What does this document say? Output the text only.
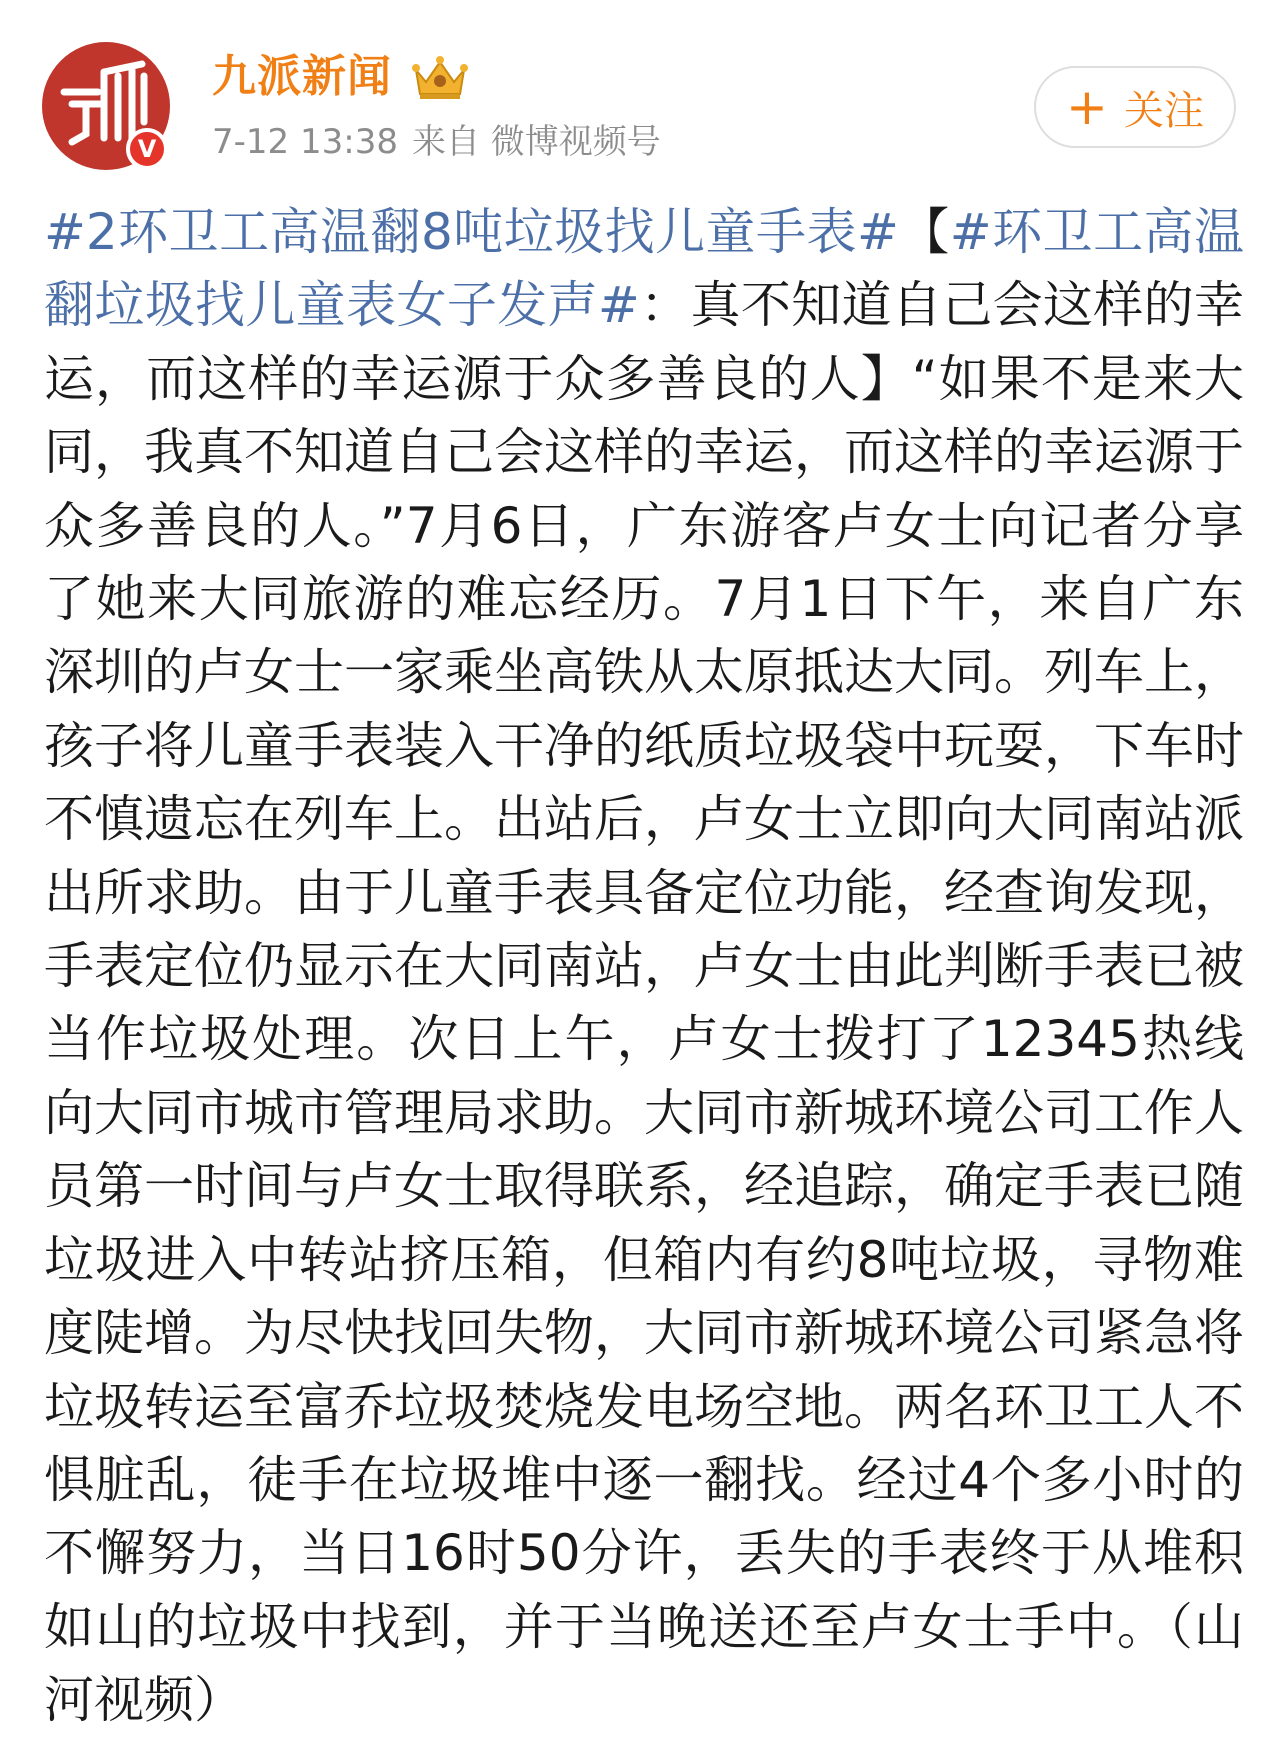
V
九派新闻
7-12 13:38 来自 微博视频号
+ 关注
#2环卫工高温翻8吨垃圾找儿童手表#【#环卫工高温翻垃圾找儿童表女子发声#：真不知道自己会这样的幸运，而这样的幸运源于众多善良的人】“如果不是来大同，我真不知道自己会这样的幸运，而这样的幸运源于众多善良的人。”7月6日，广东游客卢女士向记者分享了她来大同旅游的难忘经历。7月1日下午，来自广东深圳的卢女士一家乘坐高铁从太原抵达大同。列车上，孩子将儿童手表装入干净的纸质垃圾袋中玩耍，下车时不慎遗忘在列车上。出站后，卢女士立即向大同南站派出所求助。由于儿童手表具备定位功能，经查询发现，手表定位仍显示在大同南站，卢女士由此判断手表已被当作垃圾处理。次日上午，卢女士拨打了12345热线向大同市城市管理局求助。大同市新城环境公司工作人员第一时间与卢女士取得联系，经追踪，确定手表已随垃圾进入中转站挤压箱，但箱内有约8吨垃圾，寻物难度陡增。为尽快找回失物，大同市新城环境公司紧急将垃圾转运至富乔垃圾焚烧发电场空地。两名环卫工人不惧脏乱，徒手在垃圾堆中逐一翻找。经过4个多小时的不懈努力，当日16时50分许，丢失的手表终于从堆积如山的垃圾中找到，并于当晚送还至卢女士手中。（山河视频）
